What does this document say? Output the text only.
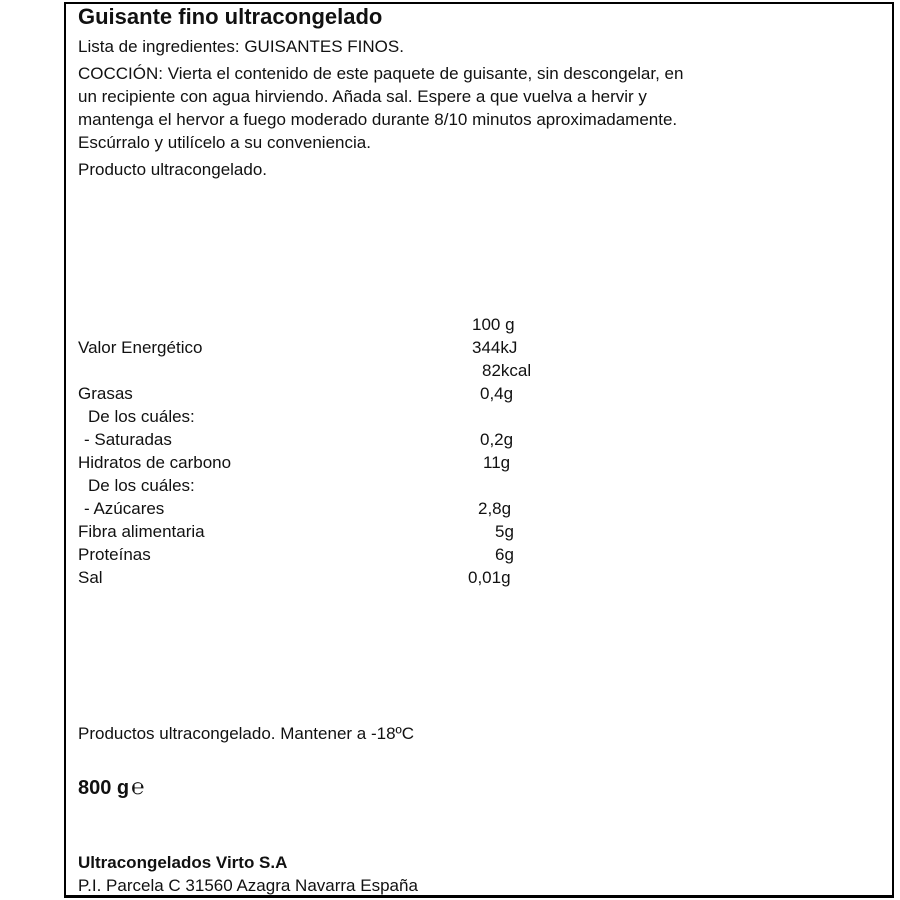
Guisante fino ultracongelado
Lista de ingredientes: GUISANTES FINOS.
COCCIÓN: Vierta el contenido de este paquete de guisante, sin descongelar, en
un recipiente con agua hirviendo. Añada sal. Espere a que vuelva a hervir y
mantenga el hervor a fuego moderado durante 8/10 minutos aproximadamente.
Escúrralo y utilícelo a su conveniencia.
Producto ultracongelado.
100 g
Valor Energético	344kJ
82kcal
Grasas	0,4g
De los cuáles:
- Saturadas	0,2g
Hidratos de carbono	11g
De los cuáles:
- Azúcares	2,8g
Fibra alimentaria	5g
Proteínas	6g
Sal	0,01g
Productos ultracongelado. Mantener a -18ºC
800 g℮
Ultracongelados Virto S.A
P.I. Parcela C 31560 Azagra Navarra España
